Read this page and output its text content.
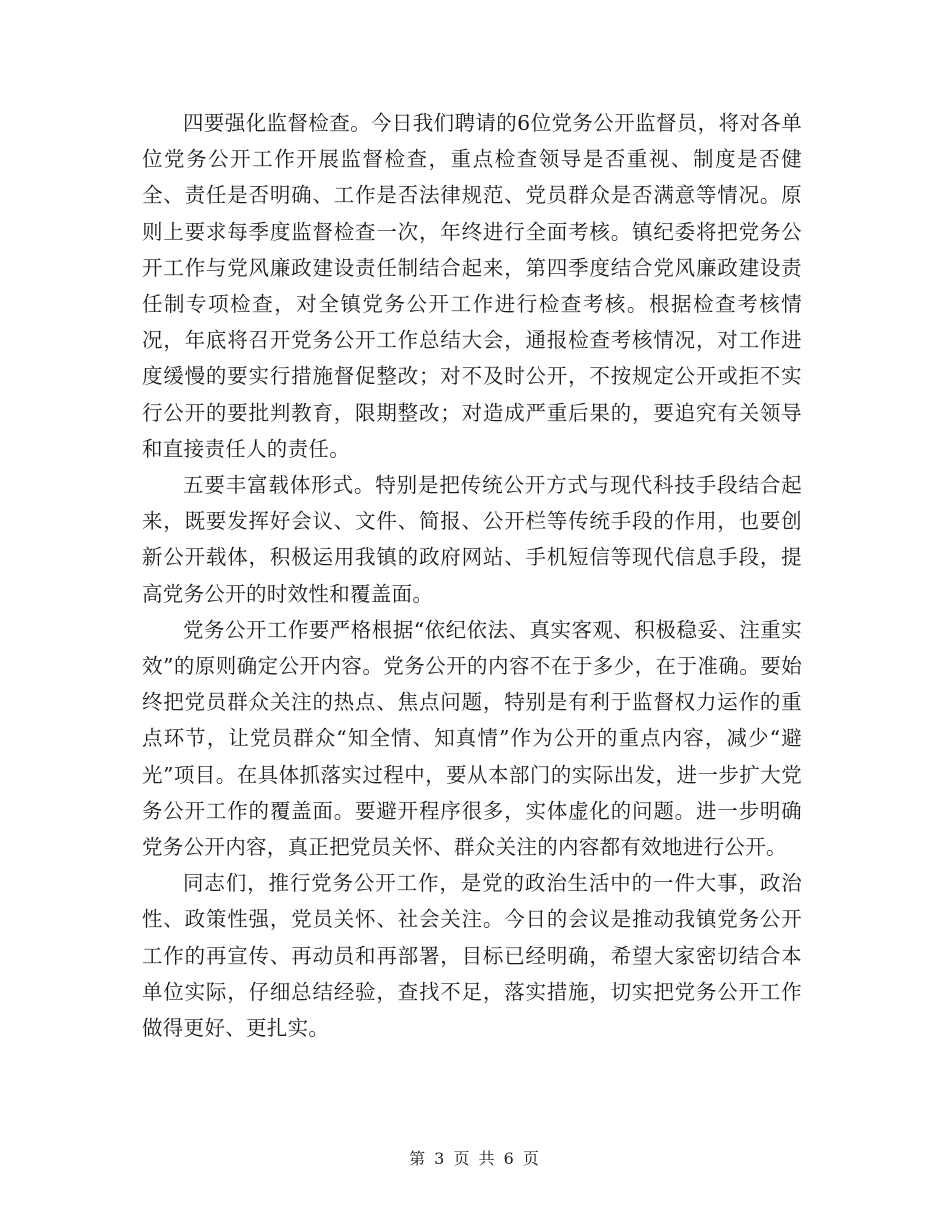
四要强化监督检查。今日我们聘请的6位党务公开监督员，将对各单位党务公开工作开展监督检查，重点检查领导是否重视、制度是否健全、责任是否明确、工作是否法律规范、党员群众是否满意等情况。原则上要求每季度监督检查一次，年终进行全面考核。镇纪委将把党务公开工作与党风廉政建设责任制结合起来，第四季度结合党风廉政建设责任制专项检查，对全镇党务公开工作进行检查考核。根据检查考核情况，年底将召开党务公开工作总结大会，通报检查考核情况，对工作进度缓慢的要实行措施督促整改；对不及时公开，不按规定公开或拒不实行公开的要批判教育，限期整改；对造成严重后果的，要追究有关领导和直接责任人的责任。

五要丰富载体形式。特别是把传统公开方式与现代科技手段结合起来，既要发挥好会议、文件、简报、公开栏等传统手段的作用，也要创新公开载体，积极运用我镇的政府网站、手机短信等现代信息手段，提高党务公开的时效性和覆盖面。

党务公开工作要严格根据“依纪依法、真实客观、积极稳妥、注重实效”的原则确定公开内容。党务公开的内容不在于多少，在于准确。要始终把党员群众关注的热点、焦点问题，特别是有利于监督权力运作的重点环节，让党员群众“知全情、知真情”作为公开的重点内容，减少“避光”项目。在具体抓落实过程中，要从本部门的实际出发，进一步扩大党务公开工作的覆盖面。要避开程序很多，实体虚化的问题。进一步明确党务公开内容，真正把党员关怀、群众关注的内容都有效地进行公开。

同志们，推行党务公开工作，是党的政治生活中的一件大事，政治性、政策性强，党员关怀、社会关注。今日的会议是推动我镇党务公开工作的再宣传、再动员和再部署，目标已经明确，希望大家密切结合本单位实际，仔细总结经验，查找不足，落实措施，切实把党务公开工作做得更好、更扎实。

第 3 页 共 6 页
